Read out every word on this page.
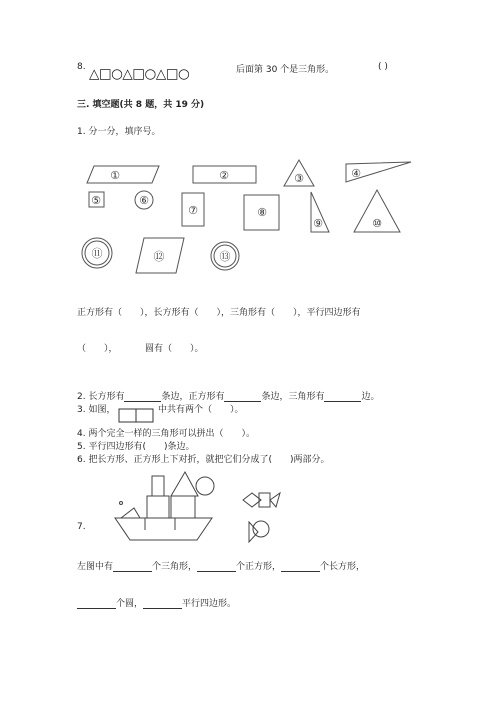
8. △□○△□○△□○	后面第 30 个是三角形。	( )
三. 填空题(共 8 题，共 19 分)
1. 分一分，填序号。
①	②	③	④
⑤	⑥
⑦	⑧
⑨	⑩
⑪	⑫	⑬
正方形有（　　），长方形有（　　），三角形有（　　），平行四边形有
（　　），	圆有（　　）。
2. 长方形有	条边，正方形有	条边，三角形有	边。
3. 如图，	中共有两个（　　）。
4. 两个完全一样的三角形可以拼出（　　）。
5. 平行四边形有(　　)条边。
6. 把长方形、正方形上下对折，就把它们分成了(　　)两部分。
7.
左图中有	个三角形，	个正方形，	个长方形，
个圆，	平行四边形。
